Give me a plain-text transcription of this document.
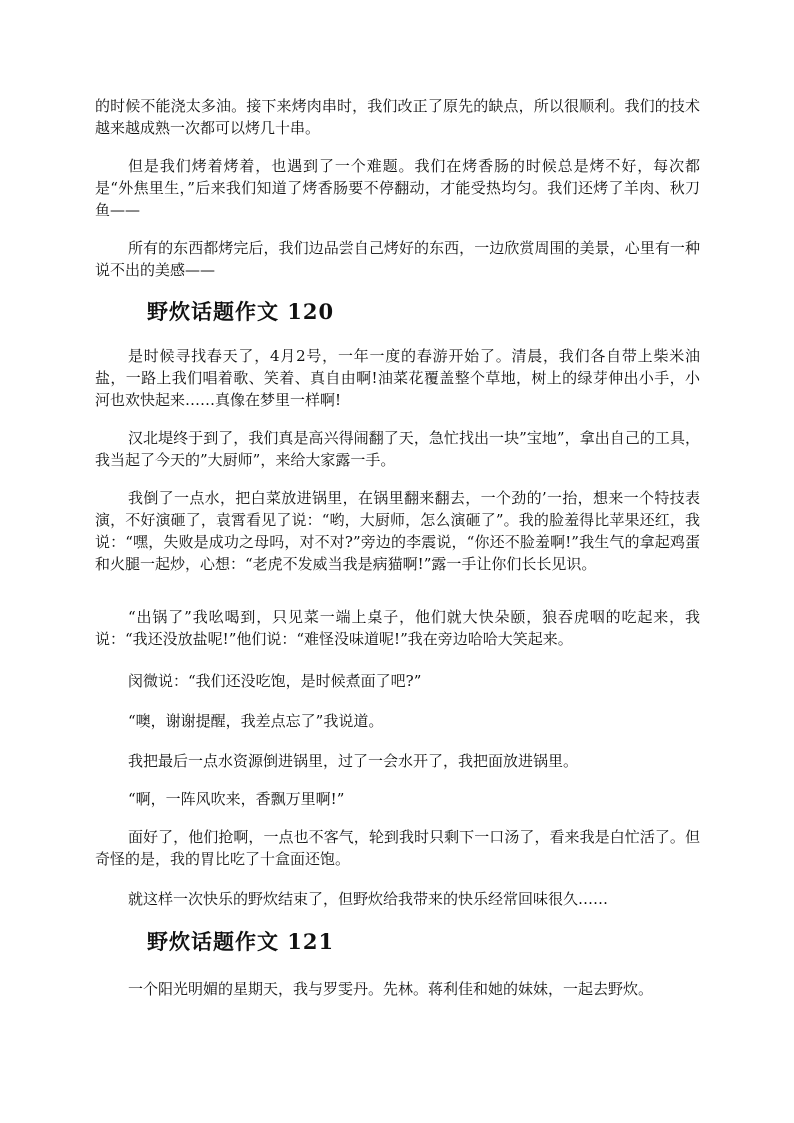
的时候不能浇太多油。接下来烤肉串时，我们改正了原先的缺点，所以很顺利。我们的技术越来越成熟一次都可以烤几十串。

但是我们烤着烤着，也遇到了一个难题。我们在烤香肠的时候总是烤不好，每次都是“外焦里生，”后来我们知道了烤香肠要不停翻动，才能受热均匀。我们还烤了羊肉、秋刀鱼——

所有的东西都烤完后，我们边品尝自己烤好的东西，一边欣赏周围的美景，心里有一种说不出的美感——

野炊话题作文 120

是时候寻找春天了，4月2号，一年一度的春游开始了。清晨，我们各自带上柴米油盐，一路上我们唱着歌、笑着、真自由啊!油菜花覆盖整个草地，树上的绿芽伸出小手，小河也欢快起来……真像在梦里一样啊!

汉北堤终于到了，我们真是高兴得闹翻了天，急忙找出一块”宝地”，拿出自己的工具，我当起了今天的”大厨师”，来给大家露一手。

我倒了一点水，把白菜放进锅里，在锅里翻来翻去，一个劲的’一抬，想来一个特技表演，不好演砸了，袁霄看见了说：“哟，大厨师，怎么演砸了”。我的脸羞得比苹果还红，我说：“嘿，失败是成功之母吗，对不对?”旁边的李震说，“你还不脸羞啊!”我生气的拿起鸡蛋和火腿一起炒，心想：“老虎不发威当我是病猫啊!”露一手让你们长长见识。

“出锅了”我吆喝到，只见菜一端上桌子，他们就大快朵颐，狼吞虎咽的吃起来，我说：“我还没放盐呢!”他们说：“难怪没味道呢!”我在旁边哈哈大笑起来。

闵微说：“我们还没吃饱，是时候煮面了吧?”

“噢，谢谢提醒，我差点忘了”我说道。

我把最后一点水资源倒进锅里，过了一会水开了，我把面放进锅里。

“啊，一阵风吹来，香飘万里啊!”

面好了，他们抢啊，一点也不客气，轮到我时只剩下一口汤了，看来我是白忙活了。但奇怪的是，我的胃比吃了十盒面还饱。

就这样一次快乐的野炊结束了，但野炊给我带来的快乐经常回味很久……

野炊话题作文 121

一个阳光明媚的星期天，我与罗雯丹。先林。蒋利佳和她的妹妹，一起去野炊。
